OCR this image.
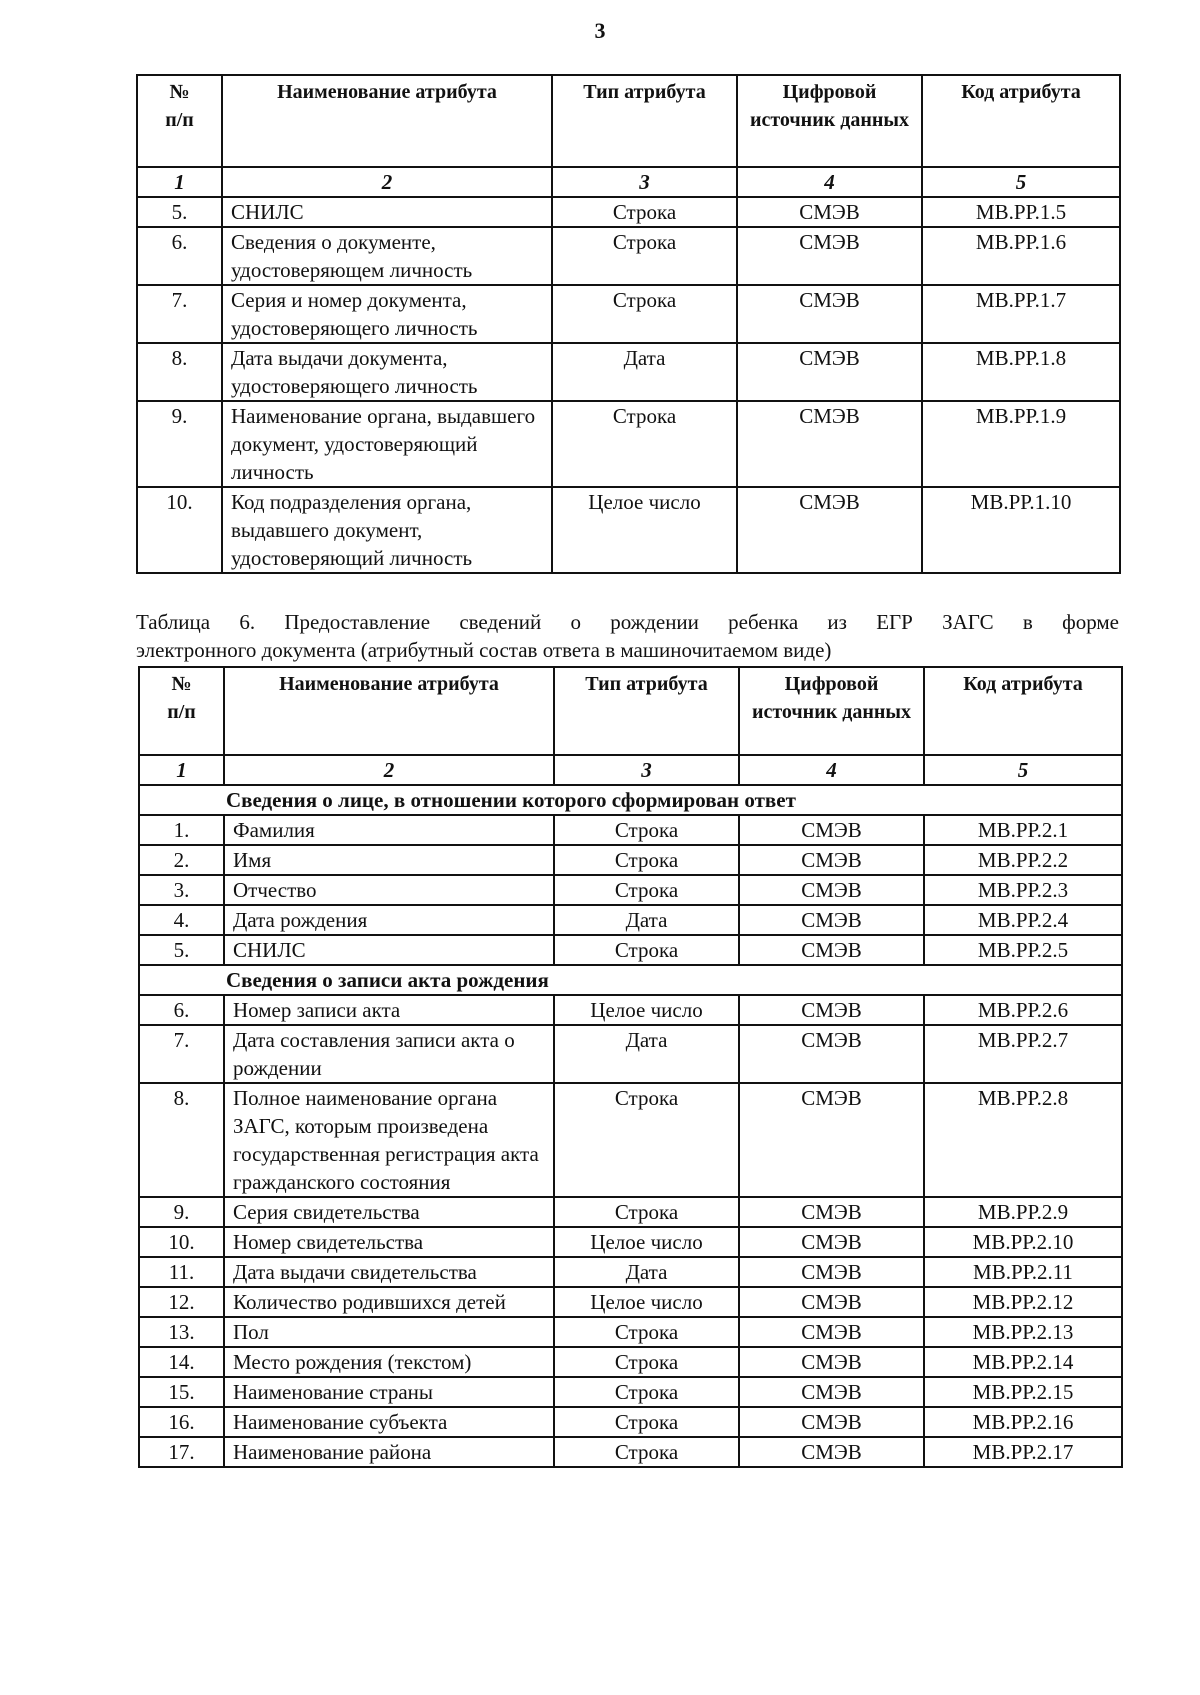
3
№
п/п	Наименование атрибута	Тип атрибута	Цифровой источник данных	Код атрибута
1	2	3	4	5
5.	СНИЛС	Строка	СМЭВ	МВ.РР.1.5
6.	Сведения о документе, удостоверяющем личность	Строка	СМЭВ	МВ.РР.1.6
7.	Серия и номер документа, удостоверяющего личность	Строка	СМЭВ	МВ.РР.1.7
8.	Дата выдачи документа, удостоверяющего личность	Дата	СМЭВ	МВ.РР.1.8
9.	Наименование органа, выдавшего документ, удостоверяющий личность	Строка	СМЭВ	МВ.РР.1.9
10.	Код подразделения органа, выдавшего документ, удостоверяющий личность	Целое число	СМЭВ	МВ.РР.1.10
Таблица 6. Предоставление сведений о рождении ребенка из ЕГР ЗАГС в форме
электронного документа (атрибутный состав ответа в машиночитаемом виде)
№
п/п	Наименование атрибута	Тип атрибута	Цифровой источник данных	Код атрибута
1	2	3	4	5
Сведения о лице, в отношении которого сформирован ответ				
1.	Фамилия	Строка	СМЭВ	МВ.РР.2.1
2.	Имя	Строка	СМЭВ	МВ.РР.2.2
3.	Отчество	Строка	СМЭВ	МВ.РР.2.3
4.	Дата рождения	Дата	СМЭВ	МВ.РР.2.4
5.	СНИЛС	Строка	СМЭВ	МВ.РР.2.5
Сведения о записи акта рождения				
6.	Номер записи акта	Целое число	СМЭВ	МВ.РР.2.6
7.	Дата составления записи акта о рождении	Дата	СМЭВ	МВ.РР.2.7
8.	Полное наименование органа ЗАГС, которым произведена государственная регистрация акта гражданского состояния	Строка	СМЭВ	МВ.РР.2.8
9.	Серия свидетельства	Строка	СМЭВ	МВ.РР.2.9
10.	Номер свидетельства	Целое число	СМЭВ	МВ.РР.2.10
11.	Дата выдачи свидетельства	Дата	СМЭВ	МВ.РР.2.11
12.	Количество родившихся детей	Целое число	СМЭВ	МВ.РР.2.12
13.	Пол	Строка	СМЭВ	МВ.РР.2.13
14.	Место рождения (текстом)	Строка	СМЭВ	МВ.РР.2.14
15.	Наименование страны	Строка	СМЭВ	МВ.РР.2.15
16.	Наименование субъекта	Строка	СМЭВ	МВ.РР.2.16
17.	Наименование района	Строка	СМЭВ	МВ.РР.2.17
